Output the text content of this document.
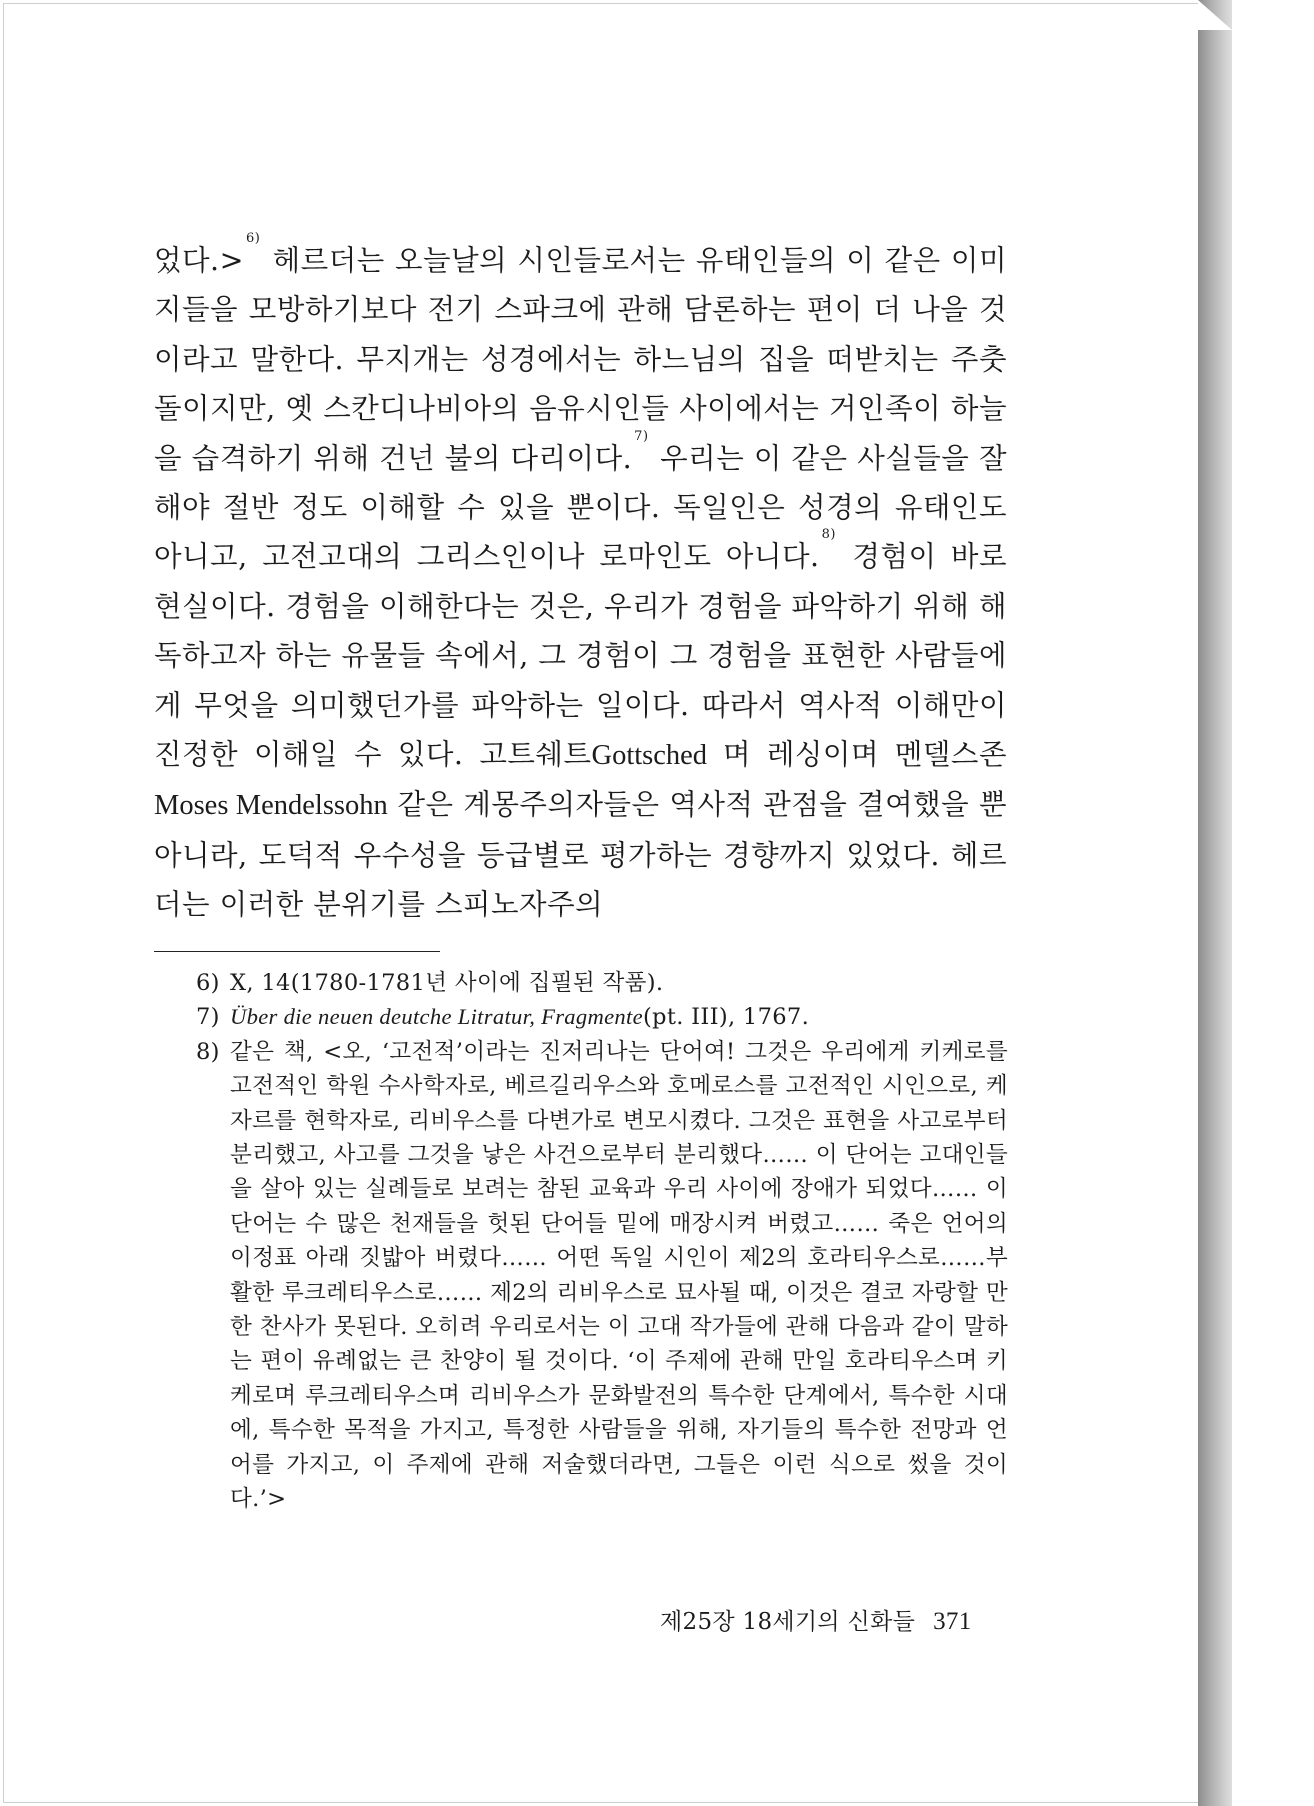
었다.>$^{6)}$ 헤르더는 오늘날의 시인들로서는 유태인들의 이 같은 이미지들을 모방하기보다 전기 스파크에 관해 담론하는 편이 더 나을 것이라고 말한다. 무지개는 성경에서는 하느님의 집을 떠받치는 주춧돌이지만, 옛 스칸디나비아의 음유시인들 사이에서는 거인족이 하늘을 습격하기 위해 건넌 불의 다리이다.$^{7)}$ 우리는 이 같은 사실들을 잘해야 절반 정도 이해할 수 있을 뿐이다. 독일인은 성경의 유태인도 아니고, 고전고대의 그리스인이나 로마인도 아니다.$^{8)}$ 경험이 바로 현실이다. 경험을 이해한다는 것은, 우리가 경험을 파악하기 위해 해독하고자 하는 유물들 속에서, 그 경험이 그 경험을 표현한 사람들에게 무엇을 의미했던가를 파악하는 일이다. 따라서 역사적 이해만이 진정한 이해일 수 있다. 고트쉐트Gottsched 며 레싱이며 멘델스존 Moses Mendelssohn 같은 계몽주의자들은 역사적 관점을 결여했을 뿐 아니라, 도덕적 우수성을 등급별로 평가하는 경향까지 있었다. 헤르더는 이러한 분위기를 스피노자주의

6) X, 14(1780-1781년 사이에 집필된 작품).
7) Über die neuen deutche Litratur, Fragmente(pt. III), 1767.
8) 같은 책, <오, ‘고전적’이라는 진저리나는 단어여! 그것은 우리에게 키케로를 고전적인 학원 수사학자로, 베르길리우스와 호메로스를 고전적인 시인으로, 케자르를 현학자로, 리비우스를 다변가로 변모시켰다. 그것은 표현을 사고로부터 분리했고, 사고를 그것을 낳은 사건으로부터 분리했다…… 이 단어는 고대인들을 살아 있는 실례들로 보려는 참된 교육과 우리 사이에 장애가 되었다…… 이 단어는 수 많은 천재들을 헛된 단어들 밑에 매장시켜 버렸고…… 죽은 언어의 이정표 아래 짓밟아 버렸다…… 어떤 독일 시인이 제2의 호라티우스로……부활한 루크레티우스로…… 제2의 리비우스로 묘사될 때, 이것은 결코 자랑할 만한 찬사가 못된다. 오히려 우리로서는 이 고대 작가들에 관해 다음과 같이 말하는 편이 유례없는 큰 찬양이 될 것이다. ‘이 주제에 관해 만일 호라티우스며 키케로며 루크레티우스며 리비우스가 문화발전의 특수한 단계에서, 특수한 시대에, 특수한 목적을 가지고, 특정한 사람들을 위해, 자기들의 특수한 전망과 언어를 가지고, 이 주제에 관해 저술했더라면, 그들은 이런 식으로 썼을 것이다.’>
제25장 18세기의 신화들 371
